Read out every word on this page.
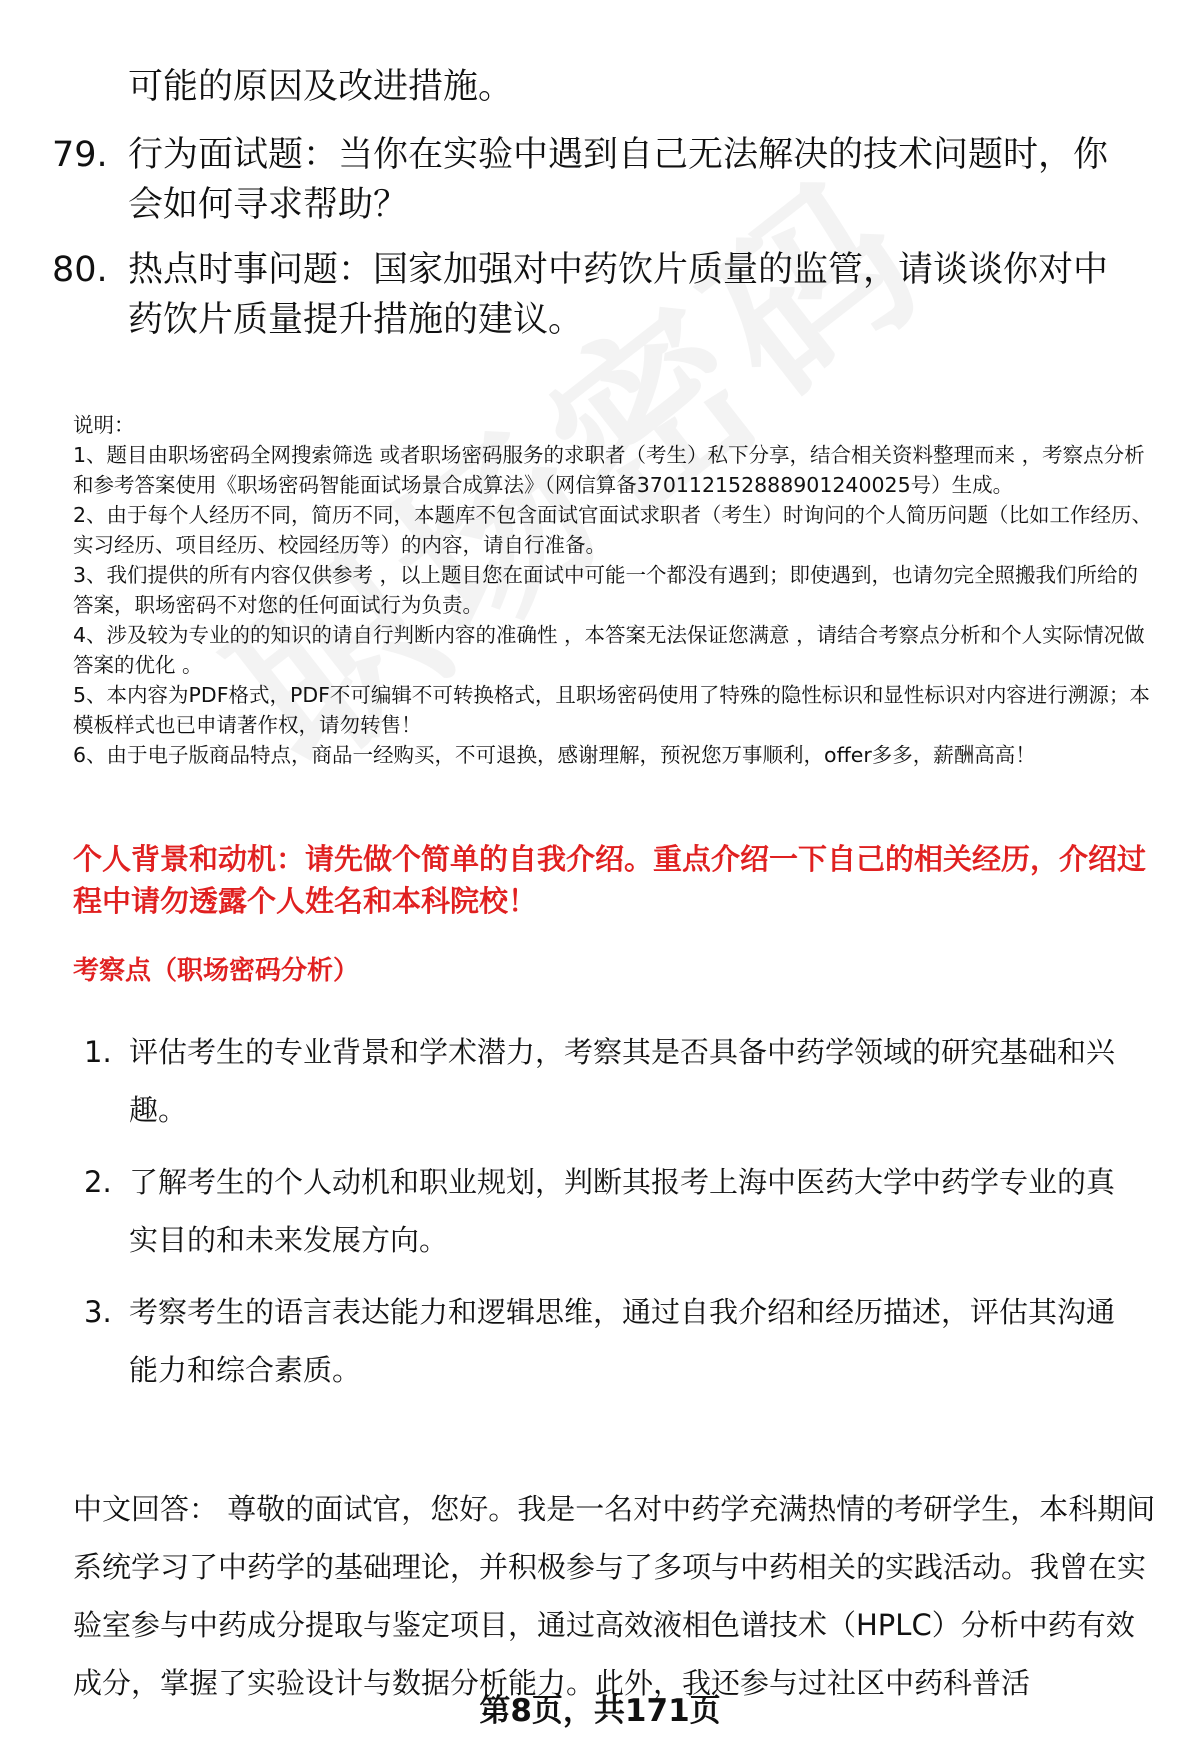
可能的原因及改进措施。
79. 行为面试题：当你在实验中遇到自己无法解决的技术问题时，你会如何寻求帮助？
80. 热点时事问题：国家加强对中药饮片质量的监管，请谈谈你对中药饮片质量提升措施的建议。

说明：

1、题目由职场密码全网搜索筛选 或者职场密码服务的求职者（考生）私下分享，结合相关资料整理而来 ，考察点分析和参考答案使用《职场密码智能面试场景合成算法》（网信算备370112152888901240025号）生成。

2、由于每个人经历不同，简历不同，本题库不包含面试官面试求职者（考生）时询问的个人简历问题（比如工作经历、实习经历、项目经历、校园经历等）的内容，请自行准备。

3、我们提供的所有内容仅供参考 ，以上题目您在面试中可能一个都没有遇到；即使遇到，也请勿完全照搬我们所给的答案，职场密码不对您的任何面试行为负责。

4、涉及较为专业的的知识的请自行判断内容的准确性 ，本答案无法保证您满意 ，请结合考察点分析和个人实际情况做答案的优化 。

5、本内容为PDF格式，PDF不可编辑不可转换格式，且职场密码使用了特殊的隐性标识和显性标识对内容进行溯源；本模板样式也已申请著作权，请勿转售！

6、由于电子版商品特点，商品一经购买，不可退换，感谢理解，预祝您万事顺利，offer多多，薪酬高高！

个人背景和动机：请先做个简单的自我介绍。重点介绍一下自己的相关经历，介绍过程中请勿透露个人姓名和本科院校！
考察点（职场密码分析）
1. 评估考生的专业背景和学术潜力，考察其是否具备中药学领域的研究基础和兴趣。
2. 了解考生的个人动机和职业规划，判断其报考上海中医药大学中药学专业的真实目的和未来发展方向。
3. 考察考生的语言表达能力和逻辑思维，通过自我介绍和经历描述，评估其沟通能力和综合素质。
中文回答： 尊敬的面试官，您好。我是一名对中药学充满热情的考研学生，本科期间系统学习了中药学的基础理论，并积极参与了多项与中药相关的实践活动。我曾在实验室参与中药成分提取与鉴定项目，通过高效液相色谱技术（HPLC）分析中药有效成分，掌握了实验设计与数据分析能力。此外，我还参与过社区中药科普活
第8页，共171页
